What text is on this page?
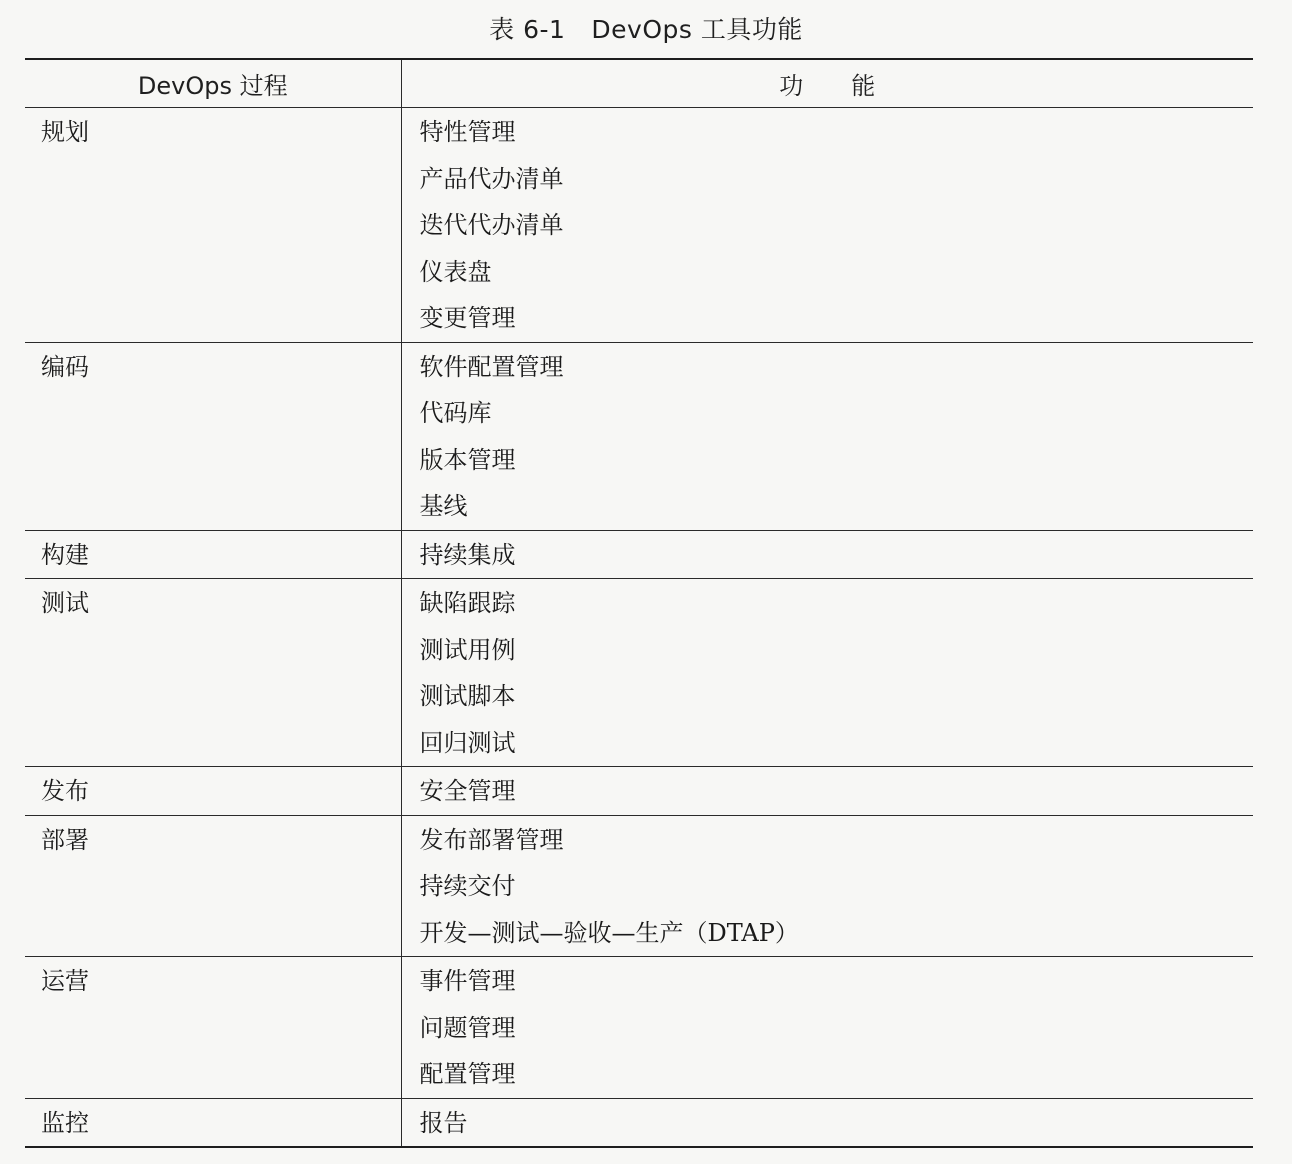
表 6-1 DevOps 工具功能
DevOps 过程	功　　能
规划	特性管理
产品代办清单
迭代代办清单
仪表盘
变更管理

编码	软件配置管理
代码库
版本管理
基线

构建	持续集成

测试	缺陷跟踪
测试用例
测试脚本
回归测试

发布	安全管理

部署	发布部署管理
持续交付
开发—测试—验收—生产（DTAP）

运营	事件管理
问题管理
配置管理

监控	报告
